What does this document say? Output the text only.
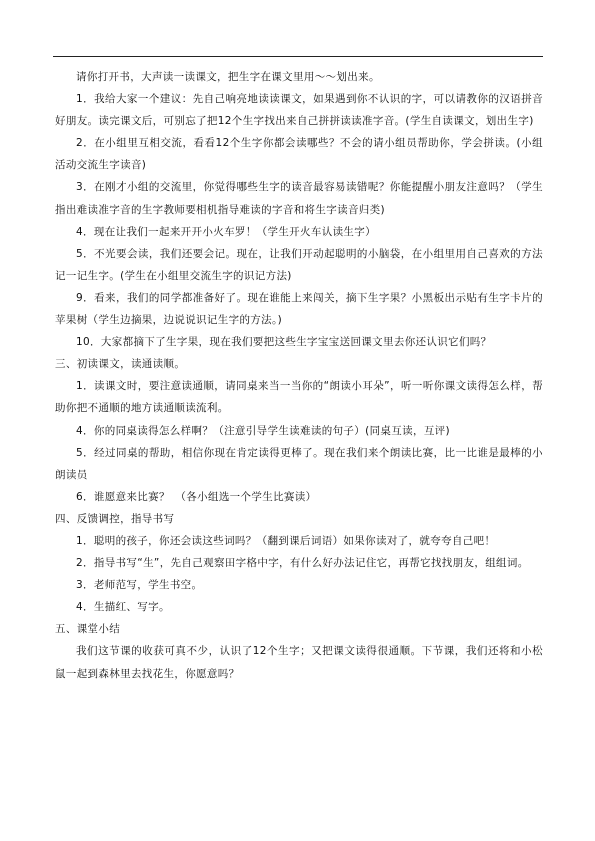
请你打开书，大声读一读课文，把生字在课文里用～～划出来。

1．我给大家一个建议：先自己响亮地读读课文，如果遇到你不认识的字，可以请教你的汉语拼音好朋友。读完课文后，可别忘了把12个生字找出来自己拼拼读读准字音。(学生自读课文，划出生字)

2．在小组里互相交流，看看12个生字你都会读哪些？不会的请小组员帮助你，学会拼读。(小组活动交流生字读音)

3．在刚才小组的交流里，你觉得哪些生字的读音最容易读错呢？你能提醒小朋友注意吗？（学生指出难读准字音的生字教师要相机指导难读的字音和将生字读音归类)

4．现在让我们一起来开开小火车罗！（学生开火车认读生字）

5．不光要会读，我们还要会记。现在，让我们开动起聪明的小脑袋，在小组里用自己喜欢的方法记一记生字。(学生在小组里交流生字的识记方法)

9．看来，我们的同学都准备好了。现在谁能上来闯关，摘下生字果？小黑板出示贴有生字卡片的苹果树（学生边摘果，边说说识记生字的方法。)

10．大家都摘下了生字果，现在我们要把这些生字宝宝送回课文里去你还认识它们吗？

三、初读课文，读通读顺。

1．读课文时，要注意读通顺，请同桌来当一当你的“朗读小耳朵”，听一听你课文读得怎么样，帮助你把不通顺的地方读通顺读流利。

4．你的同桌读得怎么样啊？（注意引导学生读难读的句子）(同桌互读，互评)

5．经过同桌的帮助，相信你现在肯定读得更棒了。现在我们来个朗读比赛，比一比谁是最棒的小朗读员

6．谁愿意来比赛？　（各小组选一个学生比赛读）

四、反馈调控，指导书写

1．聪明的孩子，你还会读这些词吗？（翻到课后词语）如果你读对了，就夸夸自己吧！

2．指导书写“生”，先自己观察田字格中字，有什么好办法记住它，再帮它找找朋友，组组词。

3．老师范写，学生书空。

4．生描红、写字。

五、课堂小结

我们这节课的收获可真不少，认识了12个生字；又把课文读得很通顺。下节课，我们还将和小松鼠一起到森林里去找花生，你愿意吗？
